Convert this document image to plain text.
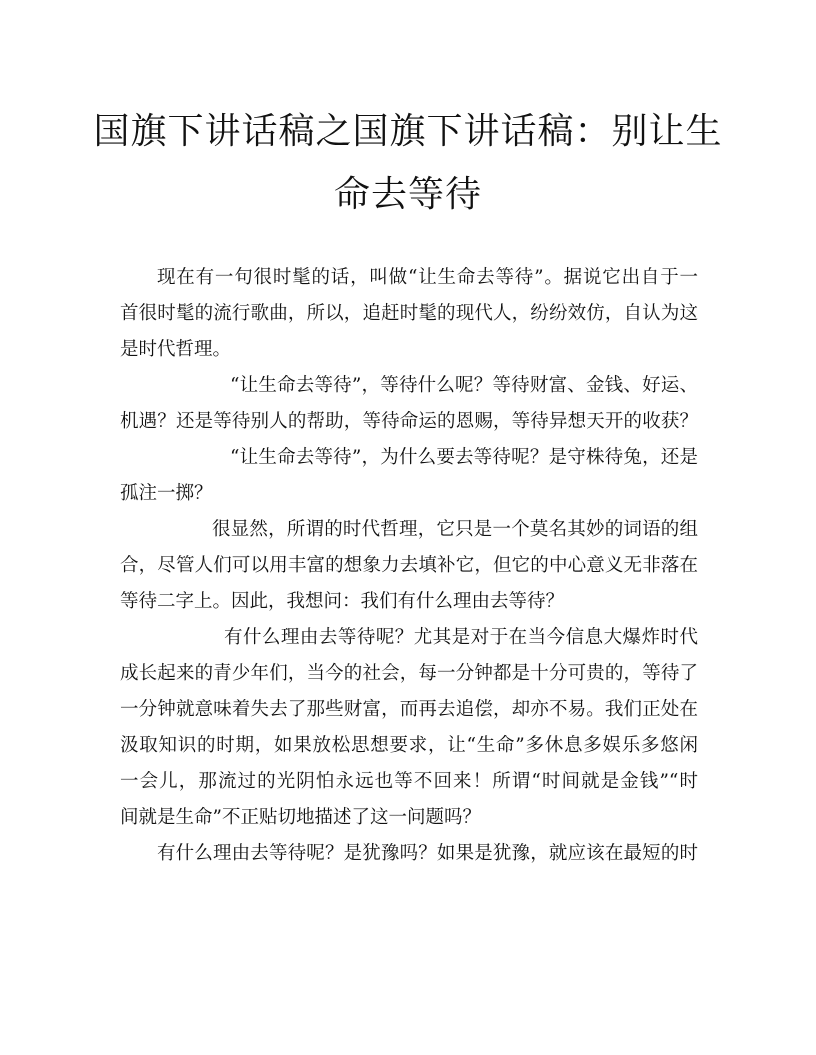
国旗下讲话稿之国旗下讲话稿：别让生
命去等待
现在有一句很时髦的话，叫做“让生命去等待”。据说它出自于一
首很时髦的流行歌曲，所以，追赶时髦的现代人，纷纷效仿，自认为这
是时代哲理。
“让生命去等待”，等待什么呢？等待财富、金钱、好运、
机遇？还是等待别人的帮助，等待命运的恩赐，等待异想天开的收获？
“让生命去等待”，为什么要去等待呢？是守株待兔，还是
孤注一掷？
很显然，所谓的时代哲理，它只是一个莫名其妙的词语的组
合，尽管人们可以用丰富的想象力去填补它，但它的中心意义无非落在
等待二字上。因此，我想问：我们有什么理由去等待？
有什么理由去等待呢？尤其是对于在当今信息大爆炸时代
成长起来的青少年们，当今的社会，每一分钟都是十分可贵的，等待了
一分钟就意味着失去了那些财富，而再去追偿，却亦不易。我们正处在
汲取知识的时期，如果放松思想要求，让“生命”多休息多娱乐多悠闲
一会儿，那流过的光阴怕永远也等不回来！所谓“时间就是金钱”“时
间就是生命”不正贴切地描述了这一问题吗？
有什么理由去等待呢？是犹豫吗？如果是犹豫，就应该在最短的时
